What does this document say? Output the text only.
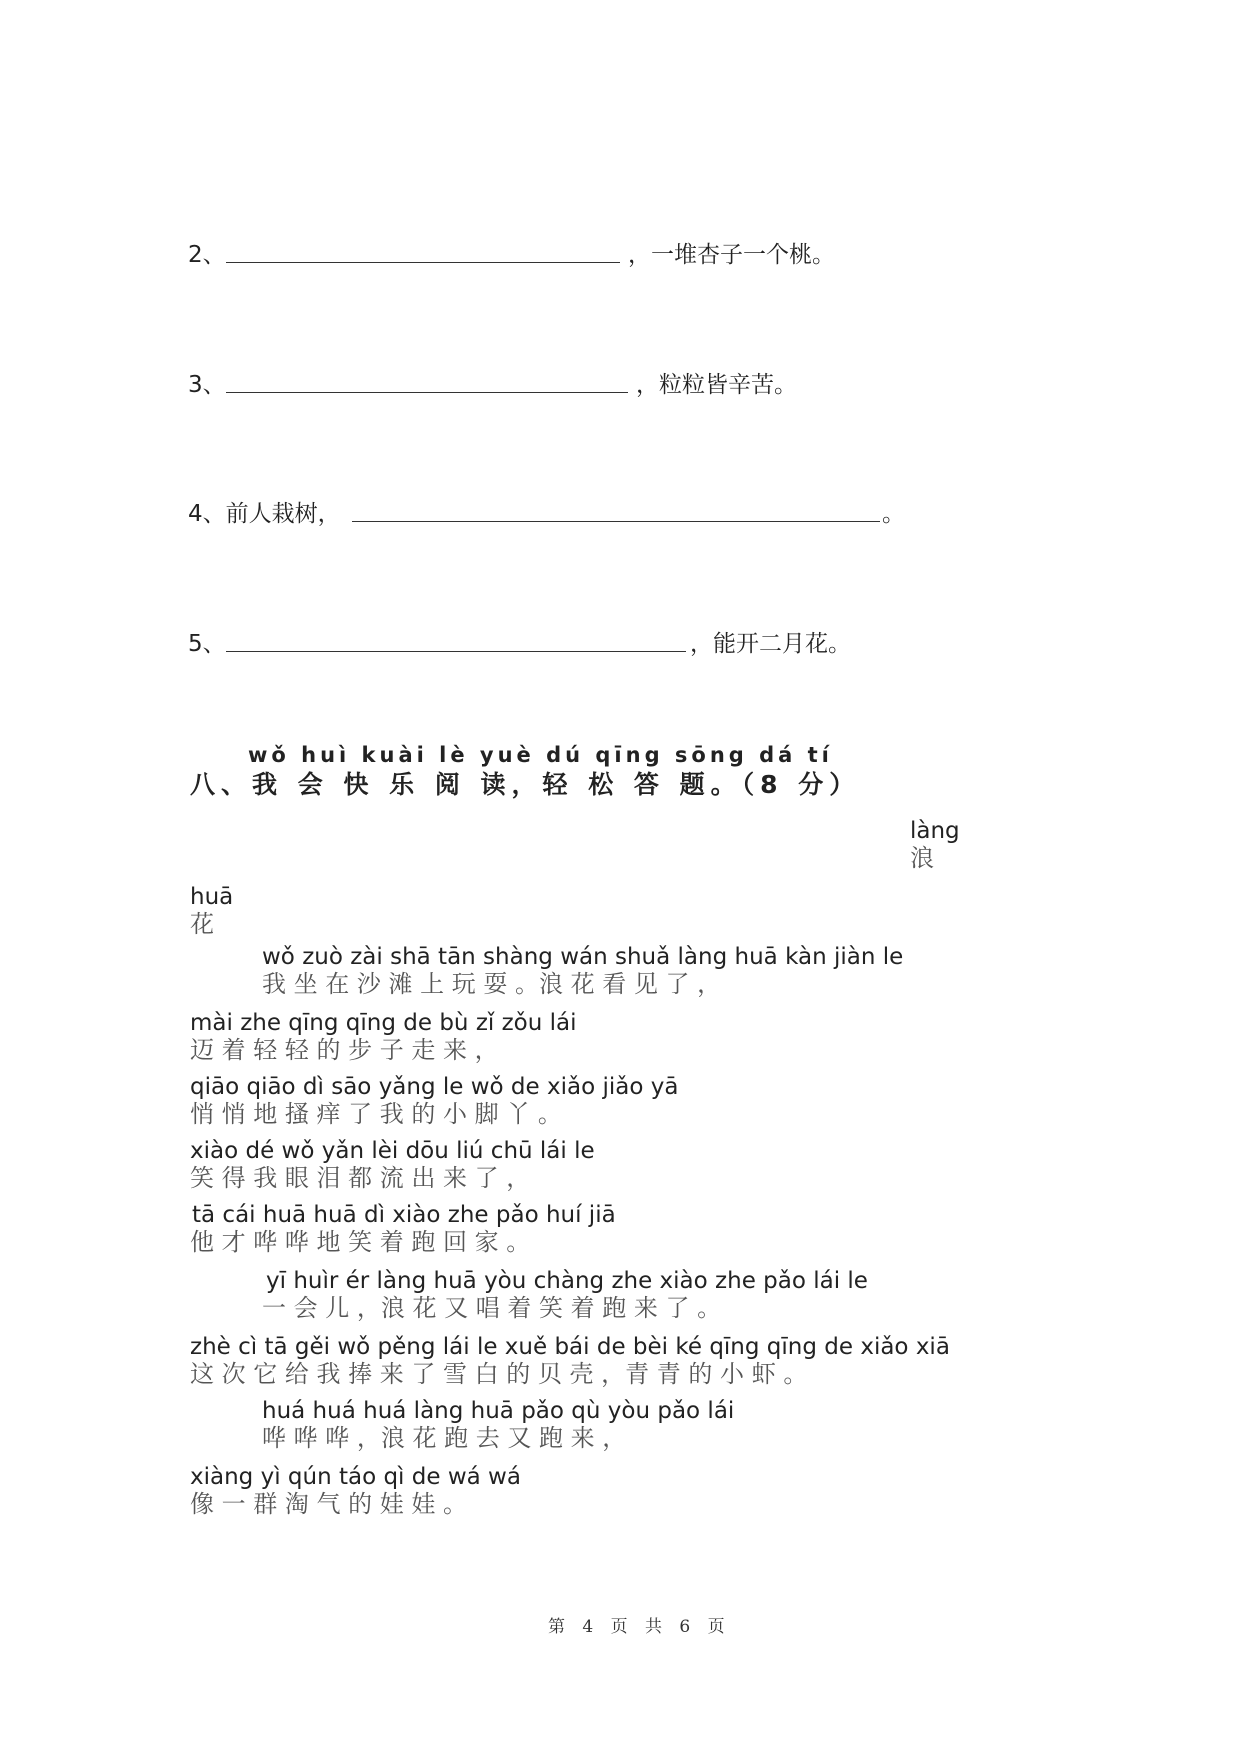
2、	，一堆杏子一个桃。
3、	，粒粒皆辛苦。
4、前人栽树，	。
5、	，能开二月花。
wǒ huì kuài lè yuè dú qīng sōng dá tí
八、我 会 快 乐 阅 读，轻 松 答 题。（8 分）
làng
浪
huā
花
wǒ zuò zài shā tān shàng wán shuǎ làng huā kàn jiàn le
我 坐 在 沙 滩 上 玩 耍 。浪 花 看 见 了 ，
mài zhe qīng qīng de bù zǐ zǒu lái
迈 着 轻 轻 的 步 子 走 来 ，
qiāo qiāo dì sāo yǎng le wǒ de xiǎo jiǎo yā
悄 悄 地 搔 痒 了 我 的 小 脚 丫 。
xiào dé wǒ yǎn lèi dōu liú chū lái le
笑 得 我 眼 泪 都 流 出 来 了 ，
tā cái huā huā dì xiào zhe pǎo huí jiā
他 才 哗 哗 地 笑 着 跑 回 家 。
yī huìr ér làng huā yòu chàng zhe xiào zhe pǎo lái le
一 会 儿 ，浪 花 又 唱 着 笑 着 跑 来 了 。
zhè cì tā gěi wǒ pěng lái le xuě bái de bèi ké qīng qīng de xiǎo xiā
这 次 它 给 我 捧 来 了 雪 白 的 贝 壳 ，青 青 的 小 虾 。
huá huá huá làng huā pǎo qù yòu pǎo lái
哗 哗 哗 ，浪 花 跑 去 又 跑 来 ，
xiàng yì qún táo qì de wá wá
像 一 群 淘 气 的 娃 娃 。
第 4 页 共 6 页
